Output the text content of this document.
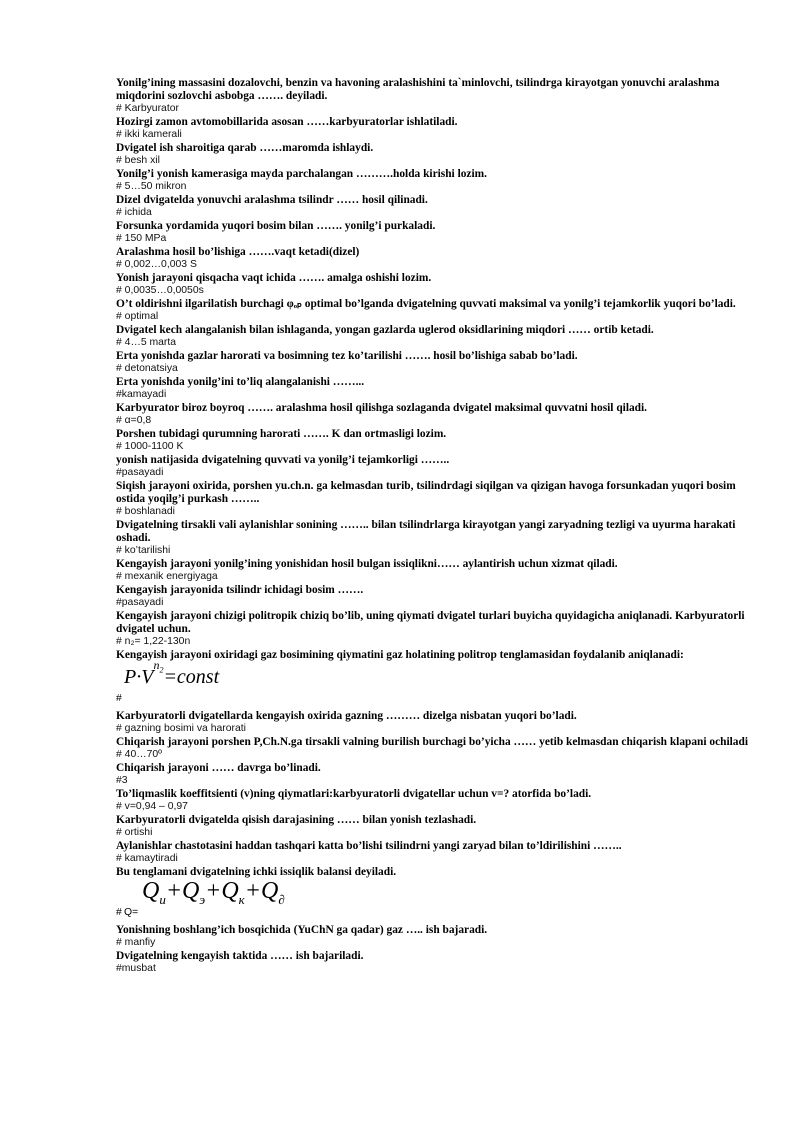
Yonilg’ining massasini dozalovchi, benzin va havoning aralashishini ta`minlovchi, tsilindrga kirayotgan yonuvchi aralashma miqdorini sozlovchi asbobga ……. deyiladi.

# Karbyurator

Hozirgi zamon avtomobillarida asosan ……karbyuratorlar ishlatiladi.

# ikki kamerali

Dvigatel ish sharoitiga qarab ……maromda ishlaydi.

# besh xil

Yonilg’i yonish kamerasiga mayda parchalangan ……….holda kirishi lozim.

# 5…50 mikron

Dizel dvigatelda yonuvchi aralashma tsilindr …… hosil qilinadi.

# ichida

Forsunka yordamida yuqori bosim bilan ……. yonilg’i purkaladi.

# 150 MPa

Aralashma hosil bo’lishiga …….vaqt ketadi(dizel)

# 0,002…0,003 S

Yonish jarayoni qisqacha vaqt ichida ……. amalga oshishi lozim.

# 0,0035…0,0050s

O’t oldirishni ilgarilatish burchagi φₒₚ optimal bo’lganda dvigatelning quvvati maksimal va yonilg’i tejamkorlik yuqori bo’ladi.

# optimal

Dvigatel kech alangalanish bilan ishlaganda, yongan gazlarda uglerod oksidlarining miqdori …… ortib ketadi.

# 4…5 marta

Erta yonishda gazlar harorati va bosimning tez ko’tarilishi ……. hosil bo’lishiga sabab bo’ladi.

# detonatsiya

Erta yonishda yonilg’ini to’liq alangalanishi ……...

#kamayadi

Karbyurator biroz boyroq ……. aralashma hosil qilishga sozlaganda dvigatel maksimal quvvatni hosil qiladi.

# α=0,8

Porshen tubidagi qurumning harorati ……. K dan ortmasligi lozim.

# 1000-1100 K

yonish natijasida dvigatelning quvvati va yonilg’i tejamkorligi ……..

#pasayadi

Siqish jarayoni oxirida, porshen yu.ch.n. ga kelmasdan turib, tsilindrdagi siqilgan va qizigan havoga forsunkadan yuqori bosim ostida yoqilg’i purkash ……..

# boshlanadi

Dvigatelning tirsakli vali aylanishlar sonining …….. bilan tsilindrlarga kirayotgan yangi zaryadning tezligi va uyurma harakati oshadi.

# ko’tarilishi

Kengayish jarayoni yonilg’ining yonishidan hosil bulgan issiqlikni…… aylantirish uchun xizmat qiladi.

# mexanik energiyaga

Kengayish jarayonida tsilindr ichidagi bosim …….

#pasayadi

Kengayish jarayoni chizigi politropik chiziq bo’lib, uning qiymati dvigatel turlari buyicha quyidagicha aniqlanadi. Karbyuratorli dvigatel uchun.

# n₂= 1,22-130n

Kengayish jarayoni oxiridagi gaz bosimining qiymatini gaz holatining politrop tenglamasidan foydalanib aniqlanadi:

#
$P\cdot V^{n_2}=const$

Karbyuratorli dvigatellarda kengayish oxirida gazning ……… dizelga nisbatan yuqori bo’ladi.

# gazning bosimi va harorati

Chiqarish jarayoni porshen P,Ch.N.ga tirsakli valning burilish burchagi bo’yicha …… yetib kelmasdan chiqarish klapani ochiladi

# 40…70º

Chiqarish jarayoni …… davrga bo’linadi.

#3

To’liqmaslik koeffitsienti (v)ning qiymatlari:karbyuratorli dvigatellar uchun v=? atorfida bo’ladi.

# v=0,94 – 0,97

Karbyuratorli dvigatelda qisish darajasining …… bilan yonish tezlashadi.

# ortishi

Aylanishlar chastotasini haddan tashqari katta bo’lishi tsilindrni yangi zaryad bilan to’ldirilishini ……..

# kamaytiradi

Bu tenglamani dvigatelning ichki issiqlik balansi deyiladi.

# Q=
$Q_u+Q_э+Q_к+Q_\partial$

Yonishning boshlang’ich bosqichida (YuChN ga qadar) gaz ….. ish bajaradi.

# manfiy

Dvigatelning kengayish taktida …… ish bajariladi.

#musbat
